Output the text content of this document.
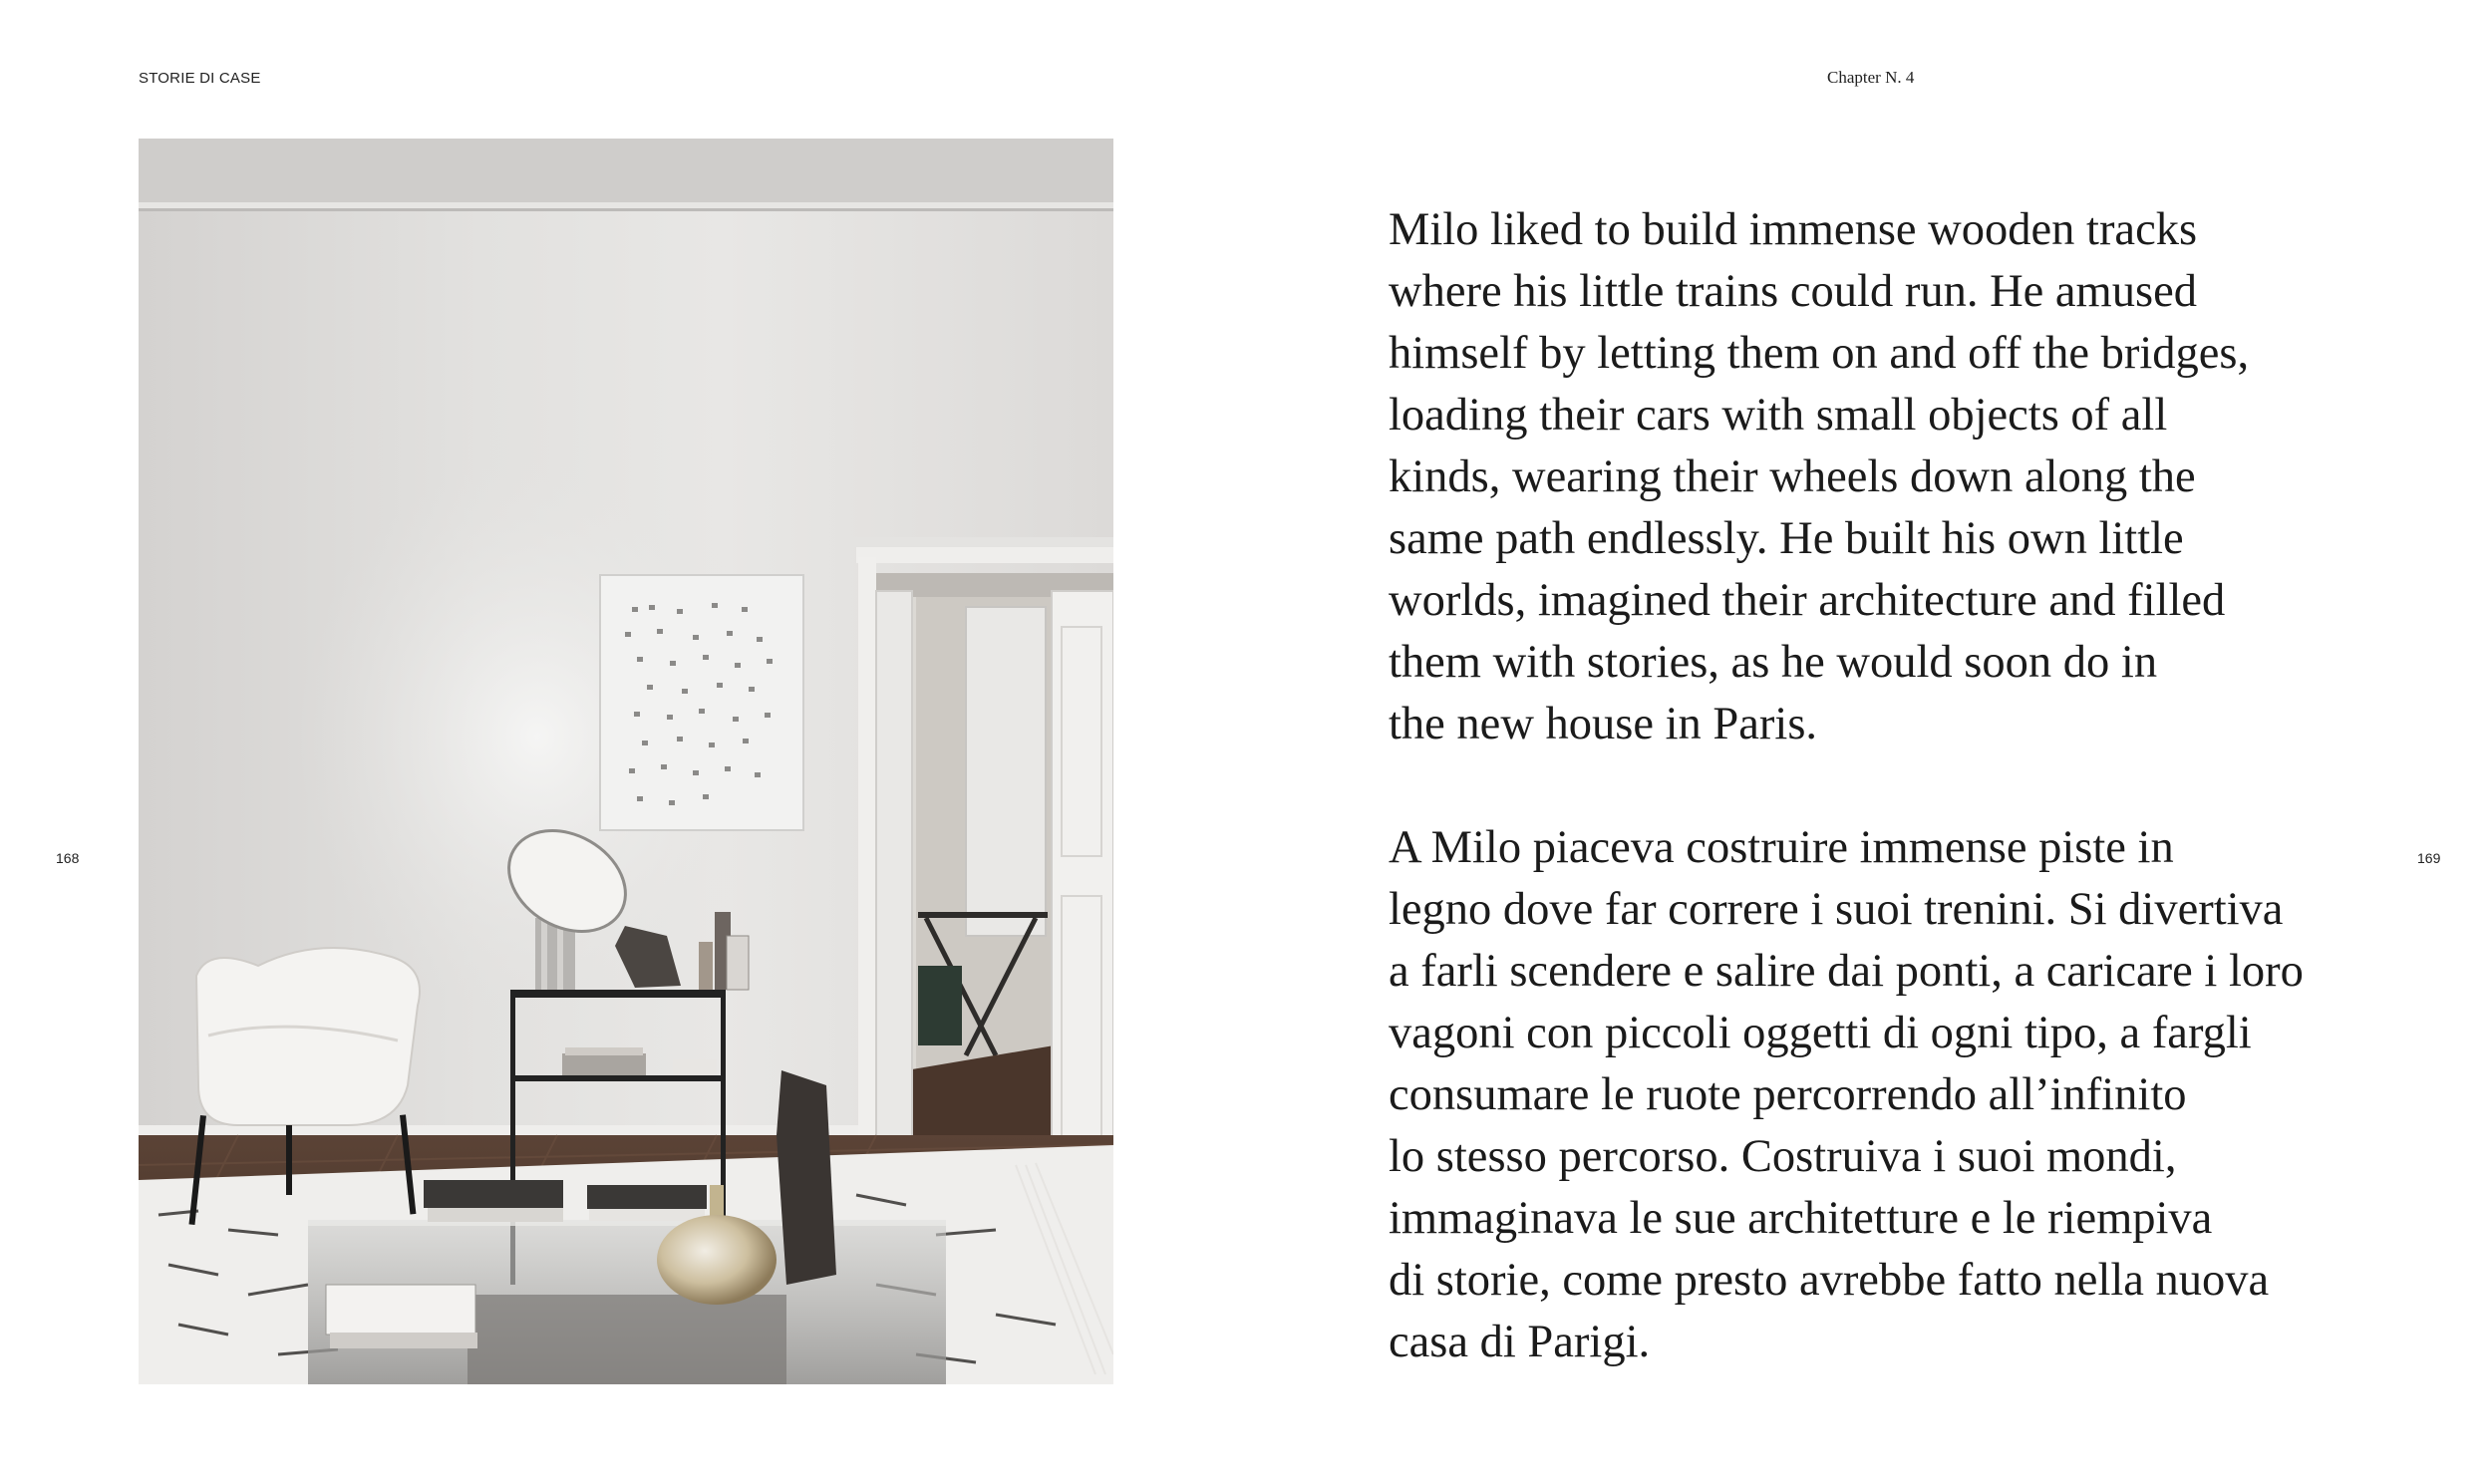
STORIE DI CASE	Chapter N. 4
168	169

Milo liked to build immense wooden tracks
where his little trains could run. He amused
himself by letting them on and off the bridges,
loading their cars with small objects of all
kinds, wearing their wheels down along the
same path endlessly. He built his own little
worlds, imagined their architecture and filled
them with stories, as he would soon do in
the new house in Paris.

A Milo piaceva costruire immense piste in
legno dove far correre i suoi trenini. Si divertiva
a farli scendere e salire dai ponti, a caricare i loro
vagoni con piccoli oggetti di ogni tipo, a fargli
consumare le ruote percorrendo all’infinito
lo stesso percorso. Costruiva i suoi mondi,
immaginava le sue architetture e le riempiva
di storie, come presto avrebbe fatto nella nuova
casa di Parigi.
